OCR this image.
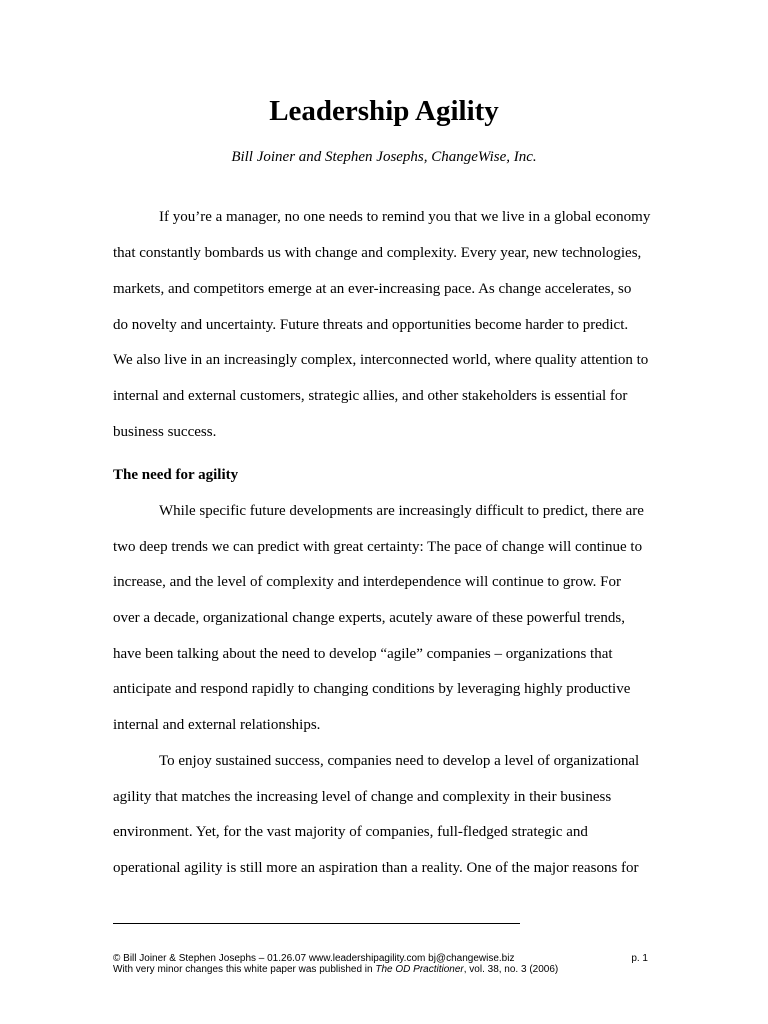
Leadership Agility

Bill Joiner and Stephen Josephs, ChangeWise, Inc.

If you’re a manager, no one needs to remind you that we live in a global economy

that constantly bombards us with change and complexity. Every year, new technologies,

markets, and competitors emerge at an ever-increasing pace. As change accelerates, so

do novelty and uncertainty. Future threats and opportunities become harder to predict.

We also live in an increasingly complex, interconnected world, where quality attention to

internal and external customers, strategic allies, and other stakeholders is essential for

business success.

The need for agility

While specific future developments are increasingly difficult to predict, there are

two deep trends we can predict with great certainty: The pace of change will continue to

increase, and the level of complexity and interdependence will continue to grow. For

over a decade, organizational change experts, acutely aware of these powerful trends,

have been talking about the need to develop “agile” companies – organizations that

anticipate and respond rapidly to changing conditions by leveraging highly productive

internal and external relationships.

To enjoy sustained success, companies need to develop a level of organizational

agility that matches the increasing level of change and complexity in their business

environment. Yet, for the vast majority of companies, full-fledged strategic and

operational agility is still more an aspiration than a reality. One of the major reasons for

© Bill Joiner & Stephen Josephs – 01.26.07 www.leadershipagility.com bj@changewise.biz	p. 1
With very minor changes this white paper was published in The OD Practitioner, vol. 38, no. 3 (2006)
